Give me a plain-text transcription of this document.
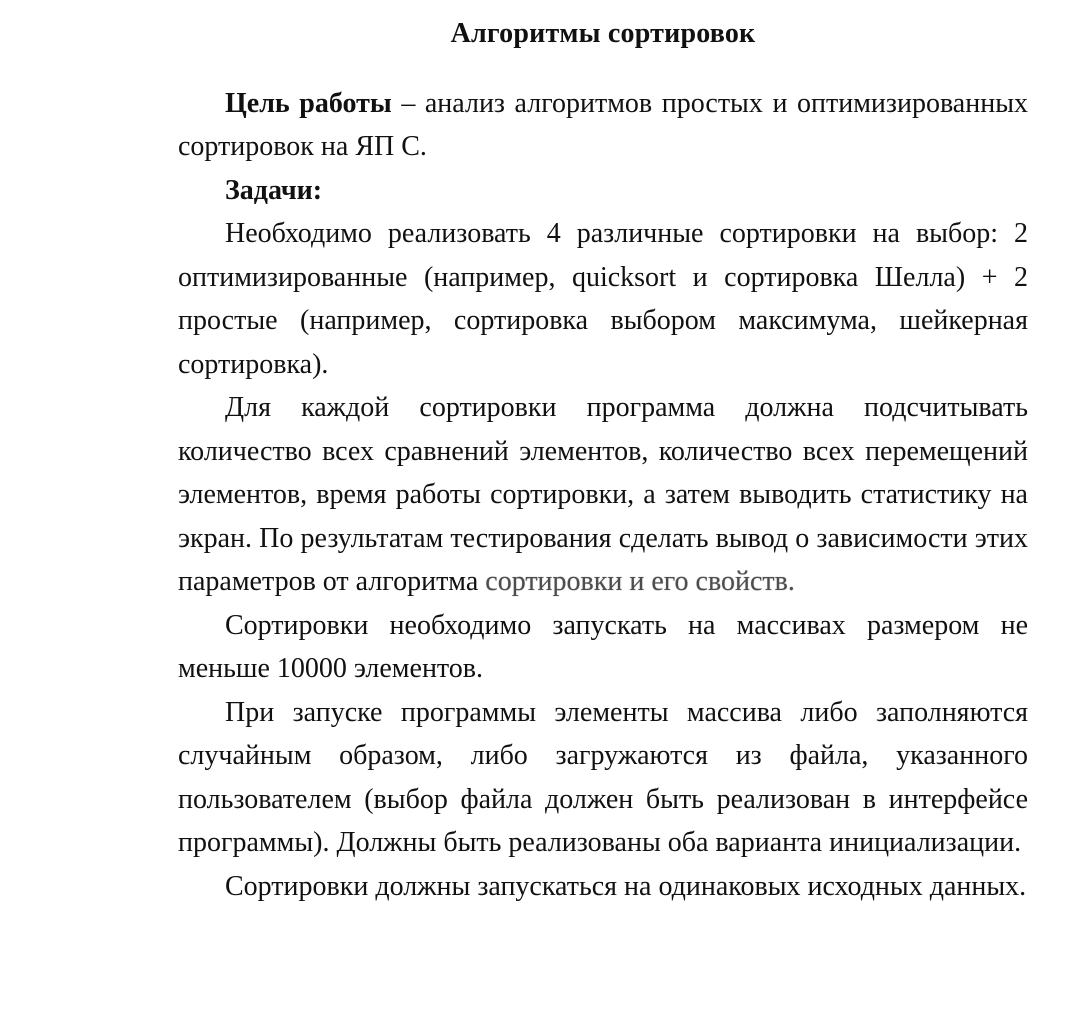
Алгоритмы сортировок

Цель работы – анализ алгоритмов простых и оптимизированных сортировок на ЯП С.

Задачи:

Необходимо реализовать 4 различные сортировки на выбор: 2 оптимизированные (например, quicksort и сортировка Шелла) + 2 простые (например, сортировка выбором максимума, шейкерная сортировка).

Для каждой сортировки программа должна подсчитывать количество всех сравнений элементов, количество всех перемещений элементов, время работы сортировки, а затем выводить статистику на экран. По результатам тестирования сделать вывод о зависимости этих параметров от алгоритма сортировки и его свойств.

Сортировки необходимо запускать на массивах размером не меньше 10000 элементов.

При запуске программы элементы массива либо заполняются случайным образом, либо загружаются из файла, указанного пользователем (выбор файла должен быть реализован в интерфейсе программы). Должны быть реализованы оба варианта инициализации.

Сортировки должны запускаться на одинаковых исходных данных.
